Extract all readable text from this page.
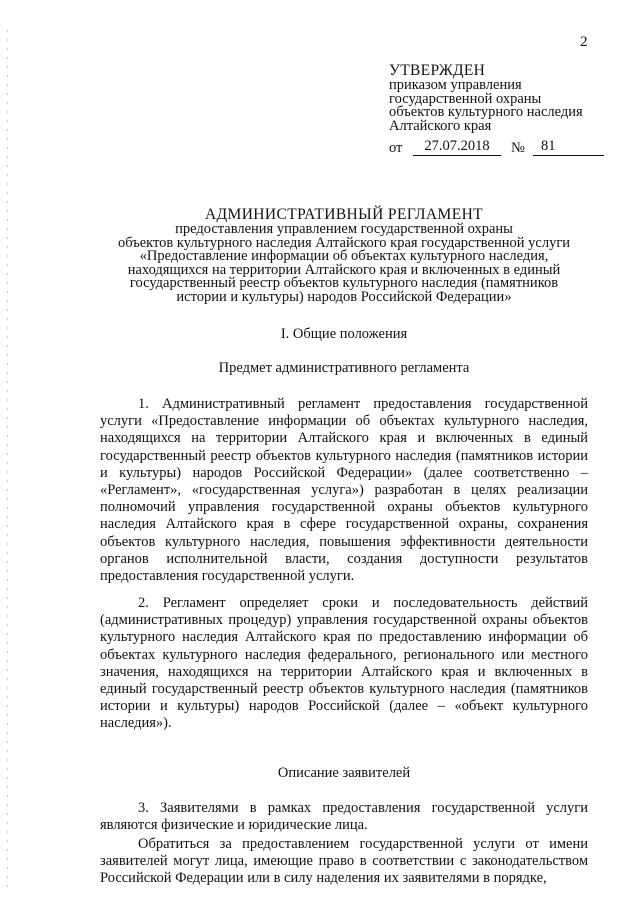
2
УТВЕРЖДЕН
приказом управления
государственной охраны
объектов культурного наследия
Алтайского края
от	27.07.2018	№	81
АДМИНИСТРАТИВНЫЙ РЕГЛАМЕНТ
предоставления управлением государственной охраны
объектов культурного наследия Алтайского края государственной услуги
«Предоставление информации об объектах культурного наследия,
находящихся на территории Алтайского края и включенных в единый
государственный реестр объектов культурного наследия (памятников
истории и культуры) народов Российской Федерации»
I. Общие положения
Предмет административного регламента
1. Административный регламент предоставления государственной услуги «Предоставление информации об объектах культурного наследия, находящихся на территории Алтайского края и включенных в единый государственный реестр объектов культурного наследия (памятников истории и культуры) народов Российской Федерации» (далее соответственно – «Регламент», «государственная услуга») разработан в целях реализации полномочий управления государственной охраны объектов культурного наследия Алтайского края в сфере государственной охраны, сохранения объектов культурного наследия, повышения эффективности деятельности органов исполнительной власти, создания доступности результатов предоставления государственной услуги.
2. Регламент определяет сроки и последовательность действий (административных процедур) управления государственной охраны объектов культурного наследия Алтайского края по предоставлению информации об объектах культурного наследия федерального, регионального или местного значения, находящихся на территории Алтайского края и включенных в единый государственный реестр объектов культурного наследия (памятников истории и культуры) народов Российской (далее – «объект культурного наследия»).
Описание заявителей
3. Заявителями в рамках предоставления государственной услуги являются физические и юридические лица.
Обратиться за предоставлением государственной услуги от имени заявителей могут лица, имеющие право в соответствии с законодательством Российской Федерации или в силу наделения их заявителями в порядке,
